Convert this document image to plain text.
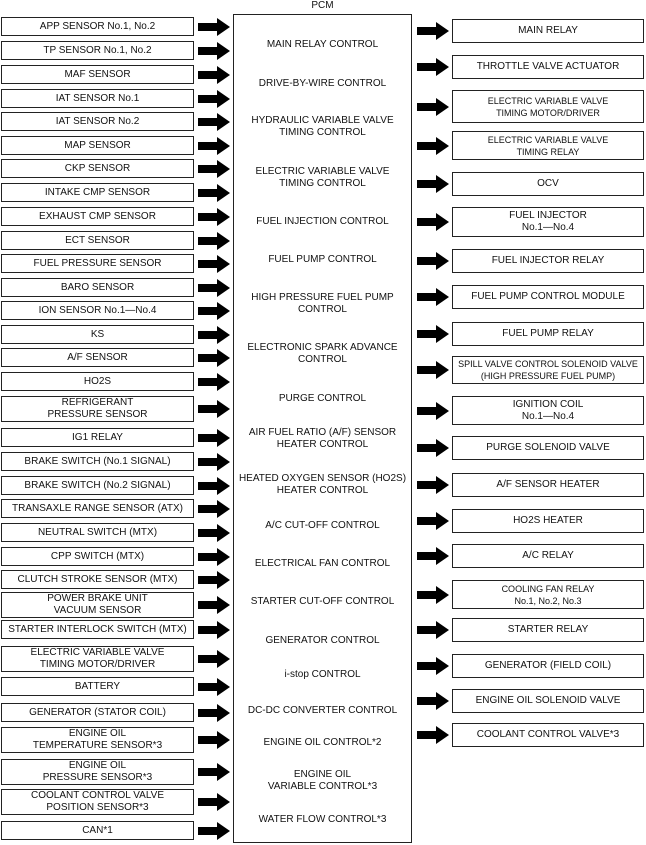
PCM
MAIN RELAY CONTROL
DRIVE-BY-WIRE CONTROL
HYDRAULIC VARIABLE VALVE
TIMING CONTROL
ELECTRIC VARIABLE VALVE
TIMING CONTROL
FUEL INJECTION CONTROL
FUEL PUMP CONTROL
HIGH PRESSURE FUEL PUMP
CONTROL
ELECTRONIC SPARK ADVANCE
CONTROL
PURGE CONTROL
AIR FUEL RATIO (A/F) SENSOR
HEATER CONTROL
HEATED OXYGEN SENSOR (HO2S)
HEATER CONTROL
A/C CUT-OFF CONTROL
ELECTRICAL FAN CONTROL
STARTER CUT-OFF CONTROL
GENERATOR CONTROL
i-stop CONTROL
DC-DC CONVERTER CONTROL
ENGINE OIL CONTROL*2
ENGINE OIL
VARIABLE CONTROL*3
WATER FLOW CONTROL*3
APP SENSOR No.1, No.2
TP SENSOR No.1, No.2
MAF SENSOR
IAT SENSOR No.1
IAT SENSOR No.2
MAP SENSOR
CKP SENSOR
INTAKE CMP SENSOR
EXHAUST CMP SENSOR
ECT SENSOR
FUEL PRESSURE SENSOR
BARO SENSOR
ION SENSOR No.1—No.4
KS
A/F SENSOR
HO2S
REFRIGERANT
PRESSURE SENSOR
IG1 RELAY
BRAKE SWITCH (No.1 SIGNAL)
BRAKE SWITCH (No.2 SIGNAL)
TRANSAXLE RANGE SENSOR (ATX)
NEUTRAL SWITCH (MTX)
CPP SWITCH (MTX)
CLUTCH STROKE SENSOR (MTX)
POWER BRAKE UNIT
VACUUM SENSOR
STARTER INTERLOCK SWITCH (MTX)
ELECTRIC VARIABLE VALVE
TIMING MOTOR/DRIVER
BATTERY
GENERATOR (STATOR COIL)
ENGINE OIL
TEMPERATURE SENSOR*3
ENGINE OIL
PRESSURE SENSOR*3
COOLANT CONTROL VALVE
POSITION SENSOR*3
CAN*1
MAIN RELAY
THROTTLE VALVE ACTUATOR
ELECTRIC VARIABLE VALVE
TIMING MOTOR/DRIVER
ELECTRIC VARIABLE VALVE
TIMING RELAY
OCV
FUEL INJECTOR
No.1—No.4
FUEL INJECTOR RELAY
FUEL PUMP CONTROL MODULE
FUEL PUMP RELAY
SPILL VALVE CONTROL SOLENOID VALVE
(HIGH PRESSURE FUEL PUMP)
IGNITION COIL
No.1—No.4
PURGE SOLENOID VALVE
A/F SENSOR HEATER
HO2S HEATER
A/C RELAY
COOLING FAN RELAY
No.1, No.2, No.3
STARTER RELAY
GENERATOR (FIELD COIL)
ENGINE OIL SOLENOID VALVE
COOLANT CONTROL VALVE*3
